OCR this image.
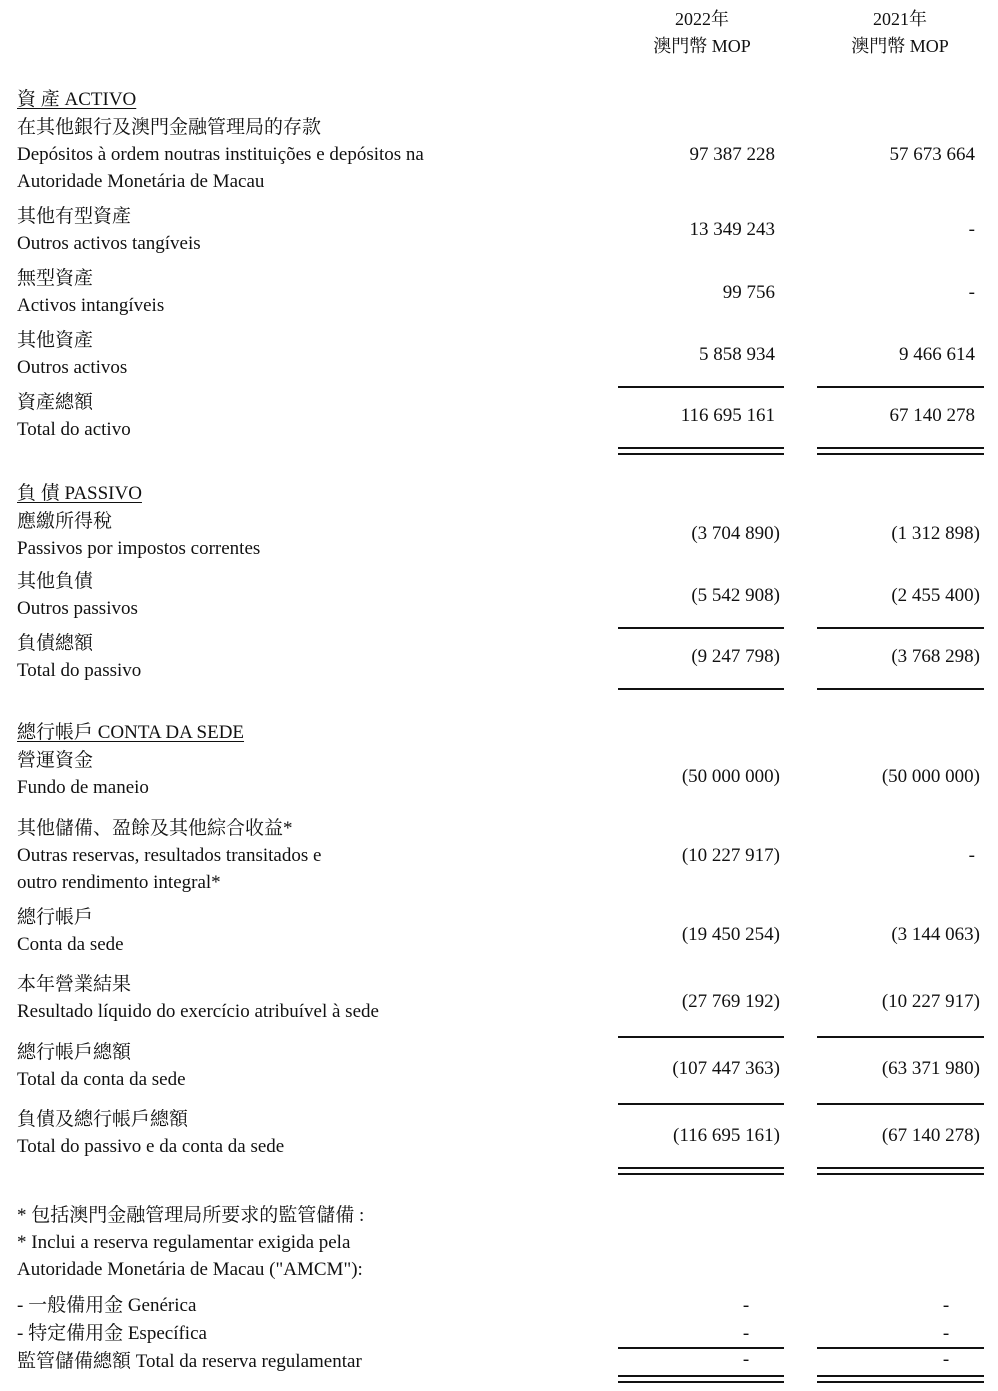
2022年
澳門幣 MOP
2021年
澳門幣 MOP
資 產 ACTIVO
在其他銀行及澳門金融管理局的存款
Depósitos à ordem noutras instituições e depósitos na
Autoridade Monetária de Macau
97 387 228	57 673 664
其他有型資產
Outros activos tangíveis
13 349 243	-
無型資產
Activos intangíveis
99 756	-
其他資產
Outros activos
5 858 934	9 466 614
資產總額
Total do activo
116 695 161	67 140 278
負 債 PASSIVO
應繳所得稅
Passivos por impostos correntes
(3 704 890)	(1 312 898)
其他負債
Outros passivos
(5 542 908)	(2 455 400)
負債總額
Total do passivo
(9 247 798)	(3 768 298)
總行帳戶 CONTA DA SEDE
營運資金
Fundo de maneio
(50 000 000)	(50 000 000)
其他儲備、盈餘及其他綜合收益*
Outras reservas, resultados transitados e
outro rendimento integral*
(10 227 917)	-
總行帳戶
Conta da sede	(19 450 254)	(3 144 063)
本年營業結果
Resultado líquido do exercício atribuível à sede	(27 769 192)	(10 227 917)
總行帳戶總額
Total da conta da sede
(107 447 363)	(63 371 980)
負債及總行帳戶總額
Total do passivo e da conta da sede
(116 695 161)	(67 140 278)
* 包括澳門金融管理局所要求的監管儲備 :
* Inclui a reserva regulamentar exigida pela
Autoridade Monetária de Macau ("AMCM"):
- 一般備用金 Genérica	-	-
- 特定備用金 Específica	-	-
監管儲備總額 Total da reserva regulamentar	-	-
